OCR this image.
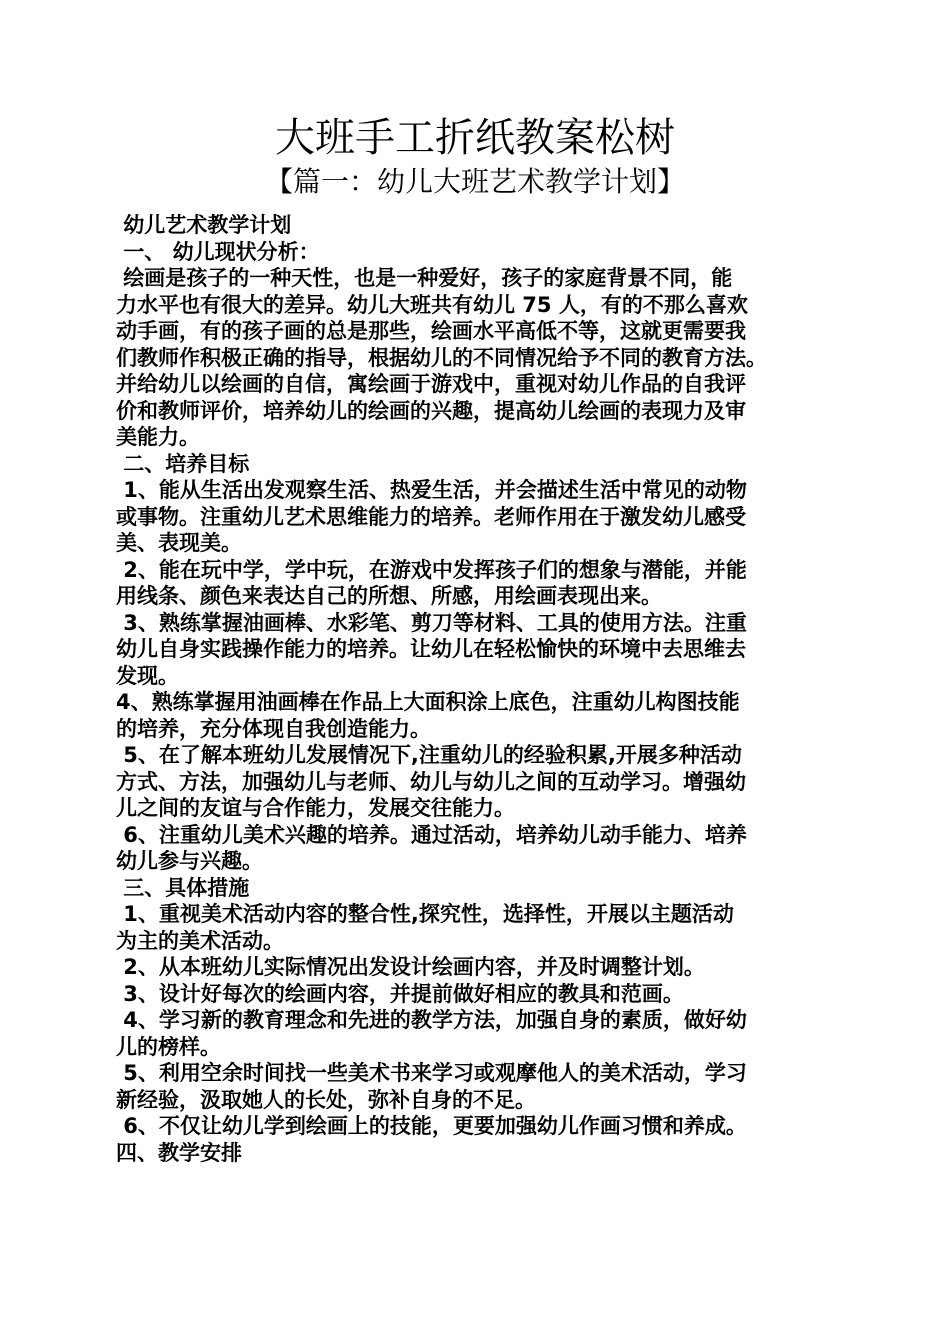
大班手工折纸教案松树
【篇一：幼儿大班艺术教学计划】

幼儿艺术教学计划

一、 幼儿现状分析：

绘画是孩子的一种天性，也是一种爱好，孩子的家庭背景不同，能

力水平也有很大的差异。幼儿大班共有幼儿 75 人，有的不那么喜欢

动手画，有的孩子画的总是那些，绘画水平高低不等，这就更需要我

们教师作积极正确的指导，根据幼儿的不同情况给予不同的教育方法。

并给幼儿以绘画的自信，寓绘画于游戏中，重视对幼儿作品的自我评

价和教师评价，培养幼儿的绘画的兴趣，提高幼儿绘画的表现力及审

美能力。

二、培养目标

1、能从生活出发观察生活、热爱生活，并会描述生活中常见的动物

或事物。注重幼儿艺术思维能力的培养。老师作用在于激发幼儿感受

美、表现美。

2、能在玩中学，学中玩，在游戏中发挥孩子们的想象与潜能，并能

用线条、颜色来表达自己的所想、所感，用绘画表现出来。

3、熟练掌握油画棒、水彩笔、剪刀等材料、工具的使用方法。注重

幼儿自身实践操作能力的培养。让幼儿在轻松愉快的环境中去思维去

发现。

4、熟练掌握用油画棒在作品上大面积涂上底色，注重幼儿构图技能

的培养，充分体现自我创造能力。

5、在了解本班幼儿发展情况下,注重幼儿的经验积累,开展多种活动

方式、方法，加强幼儿与老师、幼儿与幼儿之间的互动学习。增强幼

儿之间的友谊与合作能力，发展交往能力。

6、注重幼儿美术兴趣的培养。通过活动，培养幼儿动手能力、培养

幼儿参与兴趣。

三、具体措施

1、重视美术活动内容的整合性,探究性，选择性，开展以主题活动

为主的美术活动。

2、从本班幼儿实际情况出发设计绘画内容，并及时调整计划。

3、设计好每次的绘画内容，并提前做好相应的教具和范画。

4、学习新的教育理念和先进的教学方法，加强自身的素质，做好幼

儿的榜样。

5、利用空余时间找一些美术书来学习或观摩他人的美术活动，学习

新经验，汲取她人的长处，弥补自身的不足。

6、不仅让幼儿学到绘画上的技能，更要加强幼儿作画习惯和养成。

四、教学安排
